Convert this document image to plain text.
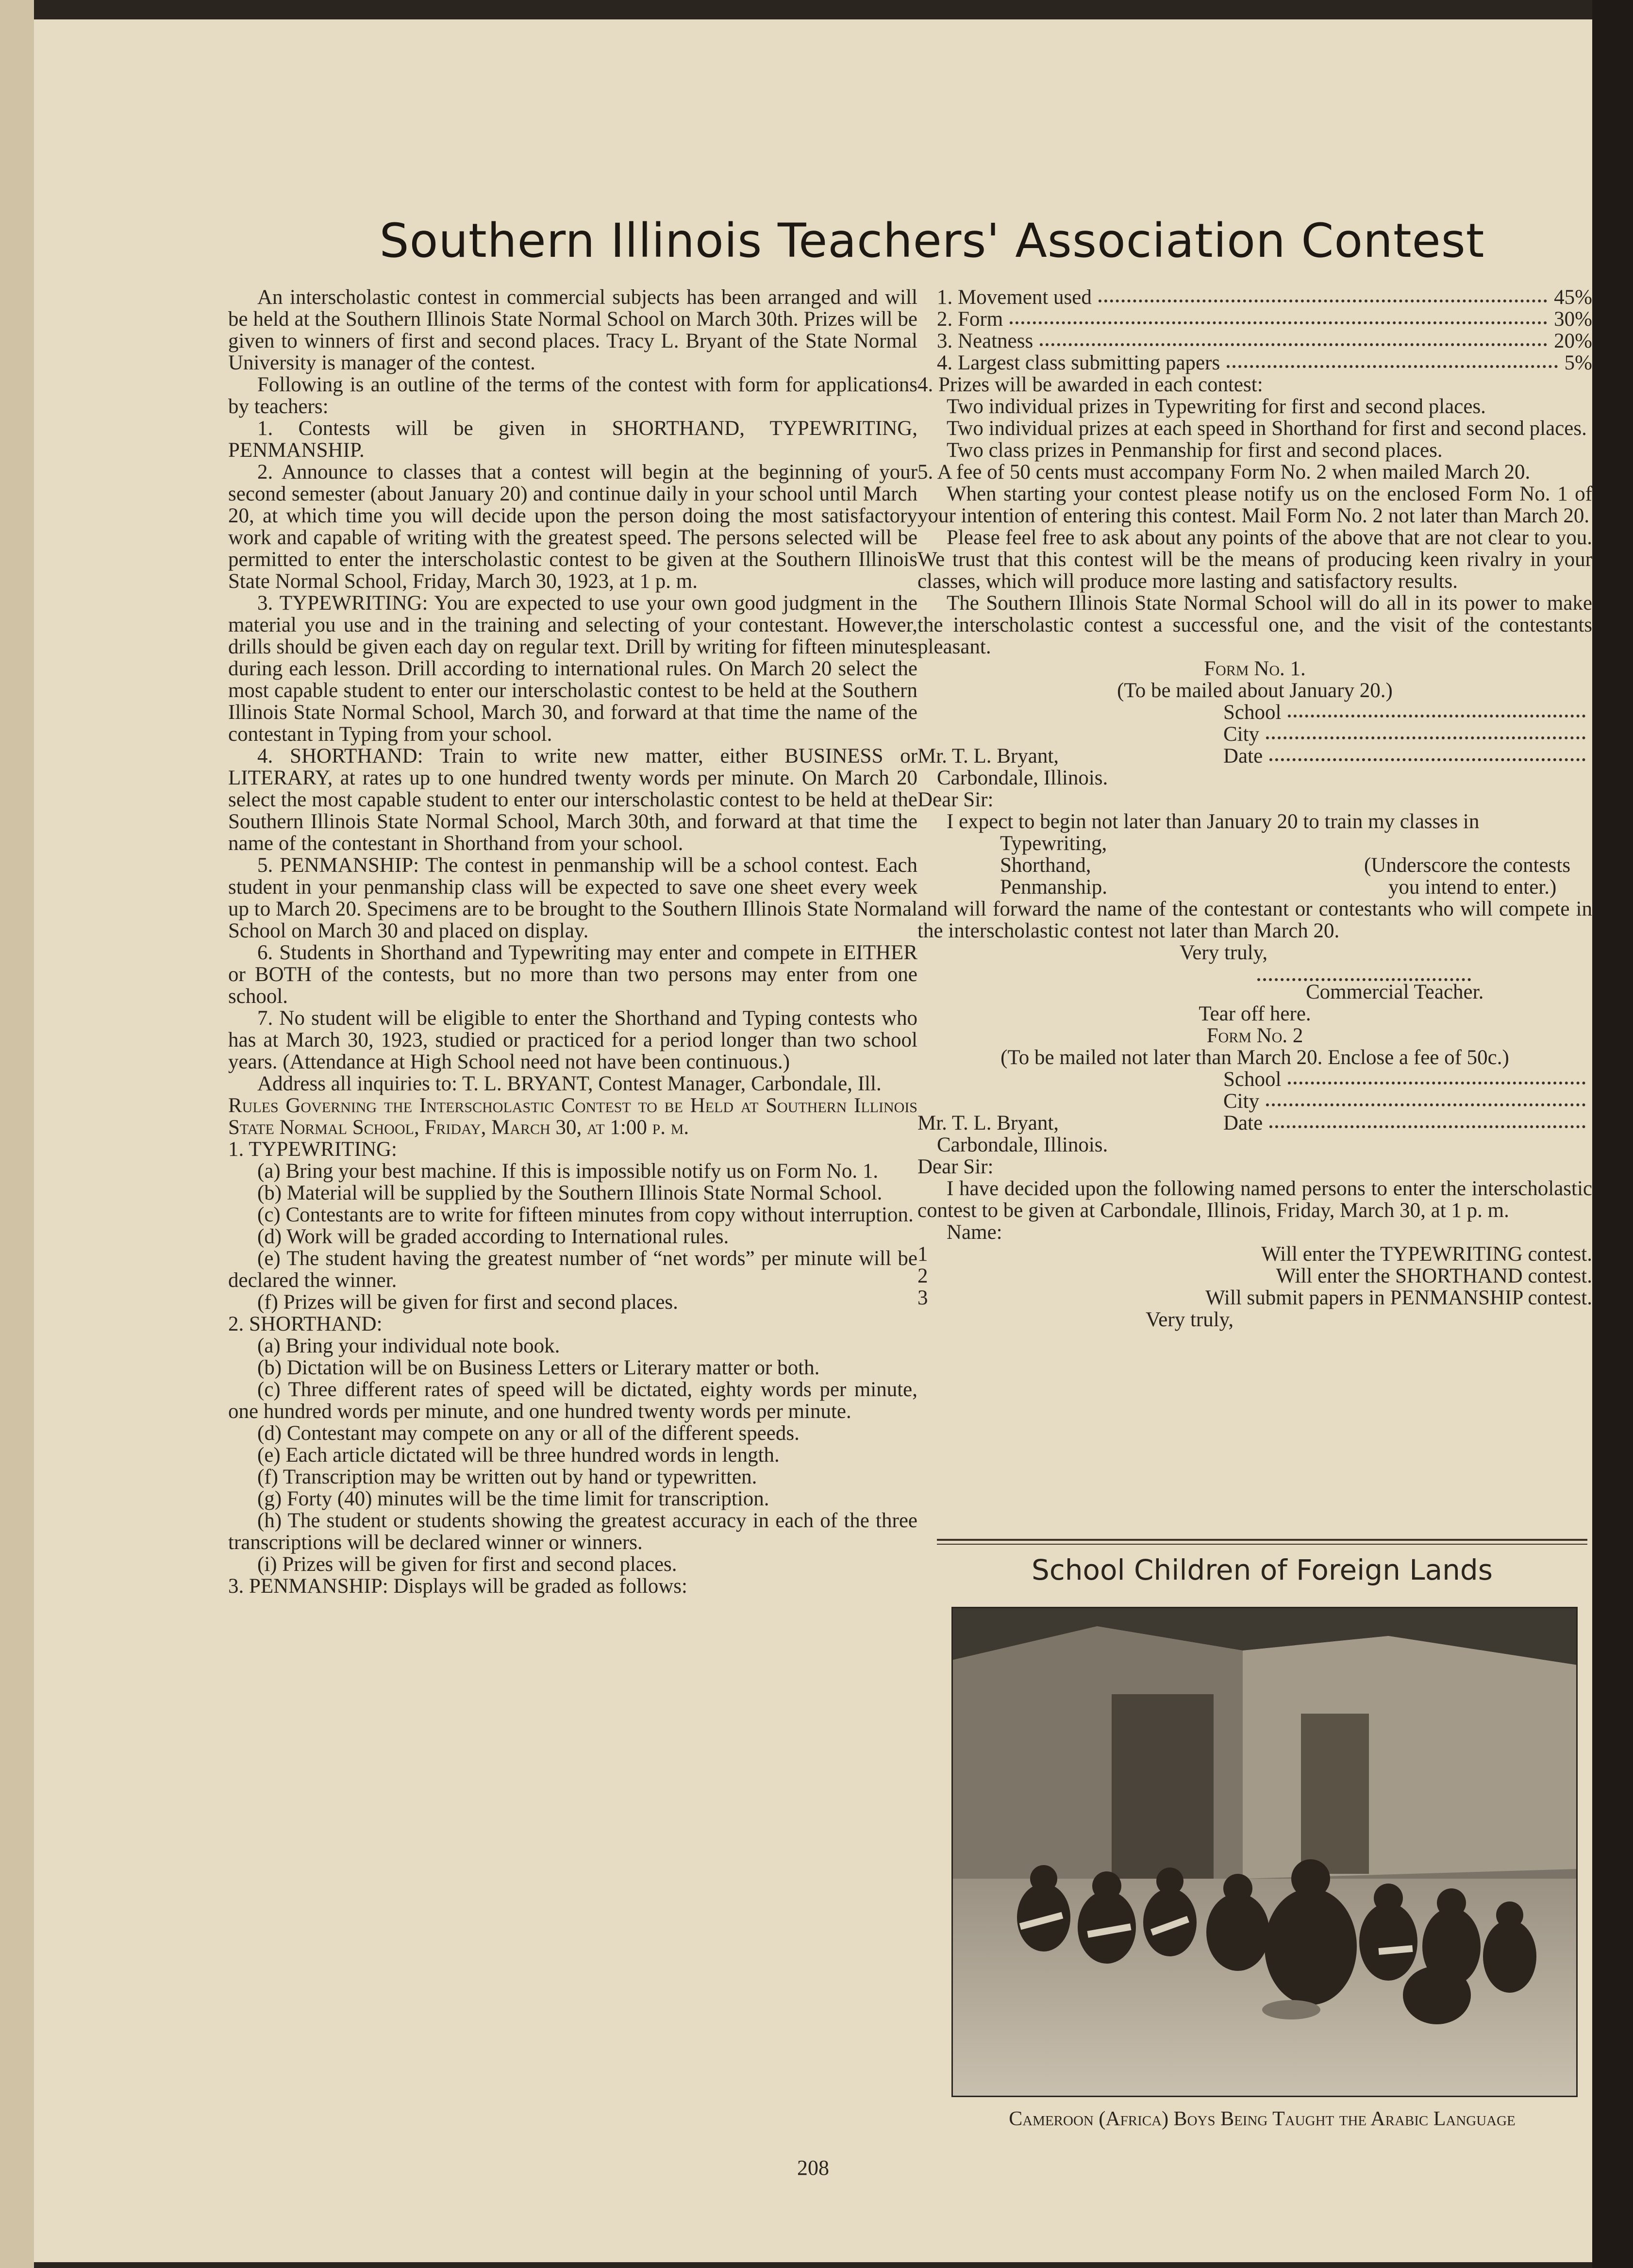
Southern Illinois Teachers' Association Contest

An interscholastic contest in commercial subjects has been arranged and will be held at the Southern Illinois State Normal School on March 30th. Prizes will be given to winners of first and second places. Tracy L. Bryant of the State Normal University is manager of the contest.

Following is an outline of the terms of the contest with form for applications by teachers:

1. Contests will be given in SHORTHAND, TYPEWRITING, PENMANSHIP.

2. Announce to classes that a contest will begin at the beginning of your second semester (about January 20) and continue daily in your school until March 20, at which time you will decide upon the person doing the most satisfactory work and capable of writing with the greatest speed. The persons selected will be permitted to enter the interscholastic contest to be given at the Southern Illinois State Normal School, Friday, March 30, 1923, at 1 p. m.

3. TYPEWRITING: You are expected to use your own good judgment in the material you use and in the training and selecting of your contestant. However, drills should be given each day on regular text. Drill by writing for fifteen minutes during each lesson. Drill according to international rules. On March 20 select the most capable student to enter our interscholastic contest to be held at the Southern Illinois State Normal School, March 30, and forward at that time the name of the contestant in Typing from your school.

4. SHORTHAND: Train to write new matter, either BUSINESS or LITERARY, at rates up to one hundred twenty words per minute. On March 20 select the most capable student to enter our interscholastic contest to be held at the Southern Illinois State Normal School, March 30th, and forward at that time the name of the contestant in Shorthand from your school.

5. PENMANSHIP: The contest in penmanship will be a school contest. Each student in your penmanship class will be expected to save one sheet every week up to March 20. Specimens are to be brought to the Southern Illinois State Normal School on March 30 and placed on display.

6. Students in Shorthand and Typewriting may enter and compete in EITHER or BOTH of the contests, but no more than two persons may enter from one school.

7. No student will be eligible to enter the Shorthand and Typing contests who has at March 30, 1923, studied or practiced for a period longer than two school years. (Attendance at High School need not have been continuous.)

Address all inquiries to: T. L. BRYANT, Contest Manager, Carbondale, Ill.

Rules Governing the Interscholastic Contest to be Held at Southern Illinois State Normal School, Friday, March 30, at 1:00 p. m.

1. TYPEWRITING:

(a) Bring your best machine. If this is impossible notify us on Form No. 1.

(b) Material will be supplied by the Southern Illinois State Normal School.

(c) Contestants are to write for fifteen minutes from copy without interruption.

(d) Work will be graded according to International rules.

(e) The student having the greatest number of “net words” per minute will be declared the winner.

(f) Prizes will be given for first and second places.

2. SHORTHAND:

(a) Bring your individual note book.

(b) Dictation will be on Business Letters or Literary matter or both.

(c) Three different rates of speed will be dictated, eighty words per minute, one hundred words per minute, and one hundred twenty words per minute.

(d) Contestant may compete on any or all of the different speeds.

(e) Each article dictated will be three hundred words in length.

(f) Transcription may be written out by hand or typewritten.

(g) Forty (40) minutes will be the time limit for transcription.

(h) The student or students showing the greatest accuracy in each of the three transcriptions will be declared winner or winners.

(i) Prizes will be given for first and second places.

3. PENMANSHIP: Displays will be graded as follows:

1. Movement used	45%
2. Form	30%
3. Neatness	20%
4. Largest class submitting papers	5%

4. Prizes will be awarded in each contest:

Two individual prizes in Typewriting for first and second places.

Two individual prizes at each speed in Shorthand for first and second places.

Two class prizes in Penmanship for first and second places.

5. A fee of 50 cents must accompany Form No. 2 when mailed March 20.

When starting your contest please notify us on the enclosed Form No. 1 of your intention of entering this contest. Mail Form No. 2 not later than March 20.

Please feel free to ask about any points of the above that are not clear to you. We trust that this contest will be the means of producing keen rivalry in your classes, which will produce more lasting and satisfactory results.

The Southern Illinois State Normal School will do all in its power to make the interscholastic contest a successful one, and the visit of the contestants pleasant.

Form No. 1.

(To be mailed about January 20.)

School
City
Mr. T. L. Bryant,	Date

Carbondale, Illinois.

Dear Sir:

I expect to begin not later than January 20 to train my classes in

Typewriting,

Shorthand,	(Underscore the contests
Penmanship.	you intend to enter.)

and will forward the name of the contestant or contestants who will compete in the interscholastic contest not later than March 20.

Very truly,

Commercial Teacher.

Tear off here.

Form No. 2

(To be mailed not later than March 20. Enclose a fee of 50c.)

School
City
Mr. T. L. Bryant,	Date

Carbondale, Illinois.

Dear Sir:

I have decided upon the following named persons to enter the interscholastic contest to be given at Carbondale, Illinois, Friday, March 30, at 1 p. m.

Name:

1	Will enter the TYPEWRITING contest.
2	Will enter the SHORTHAND contest.
3	Will submit papers in PENMANSHIP contest.

Very truly,

School Children of Foreign Lands
Cameroon (Africa) Boys Being Taught the Arabic Language
208
